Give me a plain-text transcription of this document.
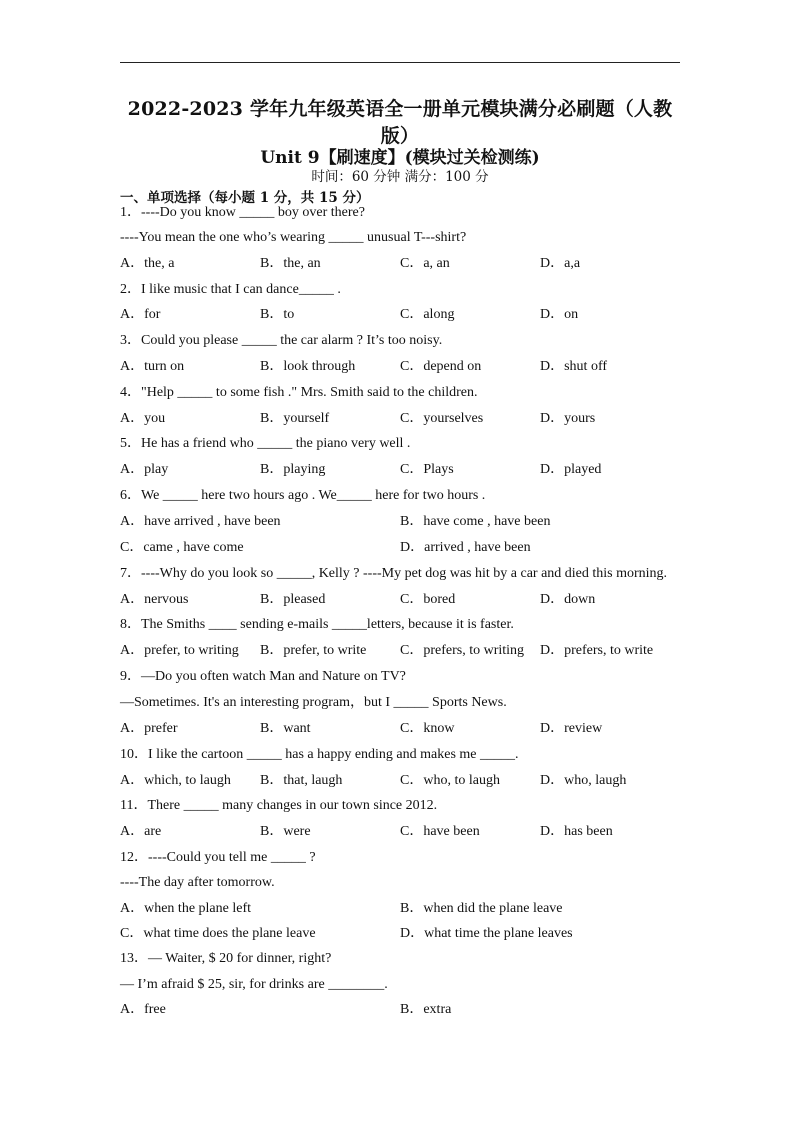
2022-2023 学年九年级英语全一册单元模块满分必刷题（人教
版）
Unit 9【刷速度】(模块过关检测练)
时间：60 分钟 满分：100 分
一、单项选择（每小题 1 分，共 15 分）
1．----Do you know _____ boy over there?
----You mean the one who’s wearing _____ unusual T---shirt?
A．the, a	B．the, an	C．a, an	D．a,a
2．I like music that I can dance_____ .
A．for	B．to	C．along	D．on
3．Could you please _____ the car alarm ? It’s too noisy.
A．turn on	B．look through	C．depend on	D．shut off
4．"Help _____ to some fish ." Mrs. Smith said to the children.
A．you	B．yourself	C．yourselves	D．yours
5．He has a friend who _____ the piano very well .
A．play	B．playing	C．Plays	D．played
6．We _____ here two hours ago . We_____ here for two hours .
A．have arrived , have been	B．have come , have been
C．came , have come	D．arrived , have been
7．----Why do you look so _____, Kelly ? ----My pet dog was hit by a car and died this morning.
A．nervous	B．pleased	C．bored	D．down
8．The Smiths ____ sending e-mails _____letters, because it is faster.
A．prefer, to writing B．prefer, to write C．prefers, to writing D．prefers, to write
9．—Do you often watch Man and Nature on TV?
—Sometimes. It's an interesting program，but I _____ Sports News.
A．prefer	B．want	C．know	D．review
10．I like the cartoon _____ has a happy ending and makes me _____.
A．which, to laugh B．that, laugh	C．who, to laugh	D．who, laugh
11．There _____ many changes in our town since 2012.
A．are	B．were	C．have been	D．has been
12．----Could you tell me _____ ?
----The day after tomorrow.
A．when the plane left	B．when did the plane leave
C．what time does the plane leave	D．what time the plane leaves
13．— Waiter, $ 20 for dinner, right?
— I’m afraid $ 25, sir, for drinks are ________.
A．free	B．extra
